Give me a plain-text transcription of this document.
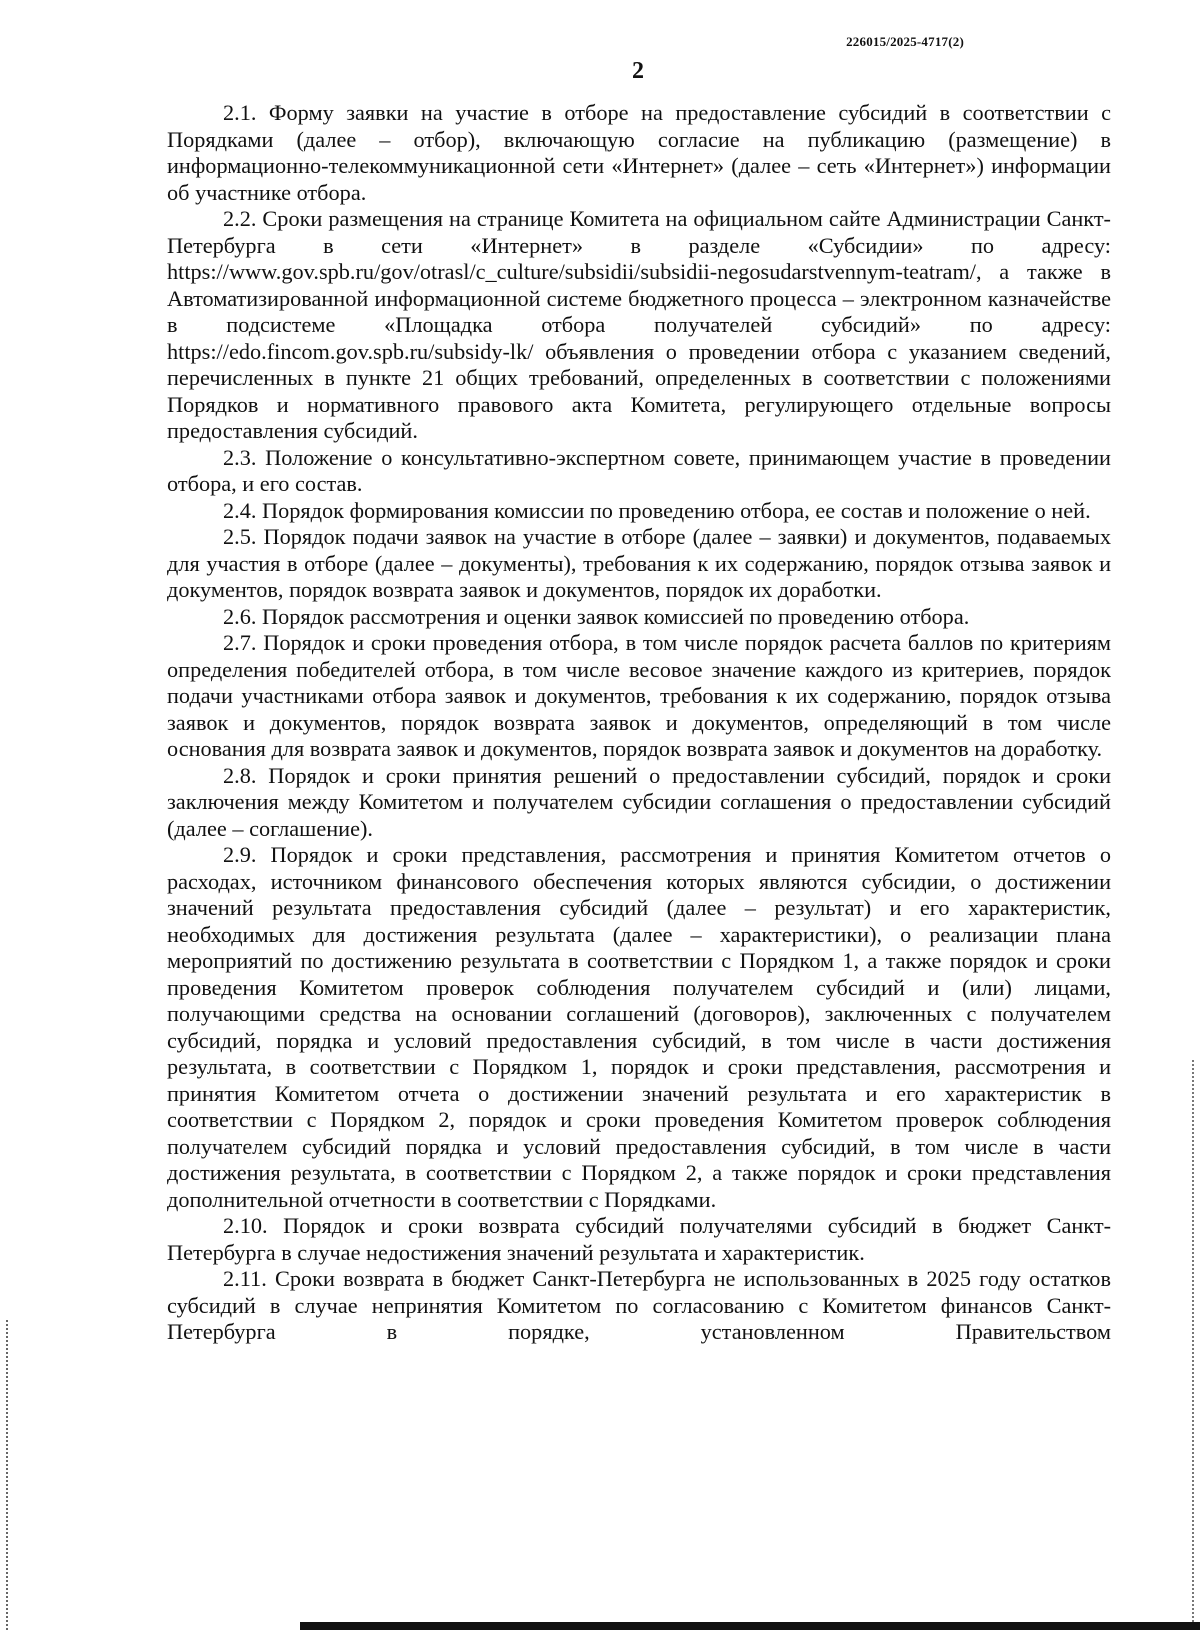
226015/2025-4717(2)
2

2.1. Форму заявки на участие в отборе на предоставление субсидий в соответствии с Порядками (далее – отбор), включающую согласие на публикацию (размещение) в информационно-телекоммуникационной сети «Интернет» (далее – сеть «Интернет») информации об участнике отбора.

2.2. Сроки размещения на странице Комитета на официальном сайте Администрации Санкт-Петербурга в сети «Интернет» в разделе «Субсидии» по адресу: https://www.gov.spb.ru/gov/otrasl/c_culture/subsidii/subsidii-negosudarstvennym-teatram/, а также в Автоматизированной информационной системе бюджетного процесса – электронном казначействе в подсистеме «Площадка отбора получателей субсидий» по адресу: https://edo.fincom.gov.spb.ru/subsidy-lk/ объявления о проведении отбора с указанием сведений, перечисленных в пункте 21 общих требований, определенных в соответствии с положениями Порядков и нормативного правового акта Комитета, регулирующего отдельные вопросы предоставления субсидий.

2.3. Положение о консультативно-экспертном совете, принимающем участие в проведении отбора, и его состав.

2.4. Порядок формирования комиссии по проведению отбора, ее состав и положение о ней.

2.5. Порядок подачи заявок на участие в отборе (далее – заявки) и документов, подаваемых для участия в отборе (далее – документы), требования к их содержанию, порядок отзыва заявок и документов, порядок возврата заявок и документов, порядок их доработки.

2.6. Порядок рассмотрения и оценки заявок комиссией по проведению отбора.

2.7. Порядок и сроки проведения отбора, в том числе порядок расчета баллов по критериям определения победителей отбора, в том числе весовое значение каждого из критериев, порядок подачи участниками отбора заявок и документов, требования к их содержанию, порядок отзыва заявок и документов, порядок возврата заявок и документов, определяющий в том числе основания для возврата заявок и документов, порядок возврата заявок и документов на доработку.

2.8. Порядок и сроки принятия решений о предоставлении субсидий, порядок и сроки заключения между Комитетом и получателем субсидии соглашения о предоставлении субсидий (далее – соглашение).

2.9. Порядок и сроки представления, рассмотрения и принятия Комитетом отчетов о расходах, источником финансового обеспечения которых являются субсидии, о достижении значений результата предоставления субсидий (далее – результат) и его характеристик, необходимых для достижения результата (далее – характеристики), о реализации плана мероприятий по достижению результата в соответствии с Порядком 1, а также порядок и сроки проведения Комитетом проверок соблюдения получателем субсидий и (или) лицами, получающими средства на основании соглашений (договоров), заключенных с получателем субсидий, порядка и условий предоставления субсидий, в том числе в части достижения результата, в соответствии с Порядком 1, порядок и сроки представления, рассмотрения и принятия Комитетом отчета о достижении значений результата и его характеристик в соответствии с Порядком 2, порядок и сроки проведения Комитетом проверок соблюдения получателем субсидий порядка и условий предоставления субсидий, в том числе в части достижения результата, в соответствии с Порядком 2, а также порядок и сроки представления дополнительной отчетности в соответствии с Порядками.

2.10. Порядок и сроки возврата субсидий получателями субсидий в бюджет Санкт-Петербурга в случае недостижения значений результата и характеристик.

2.11. Сроки возврата в бюджет Санкт-Петербурга не использованных в 2025 году остатков субсидий в случае непринятия Комитетом по согласованию с Комитетом финансов Санкт-Петербурга в порядке, установленном Правительством
